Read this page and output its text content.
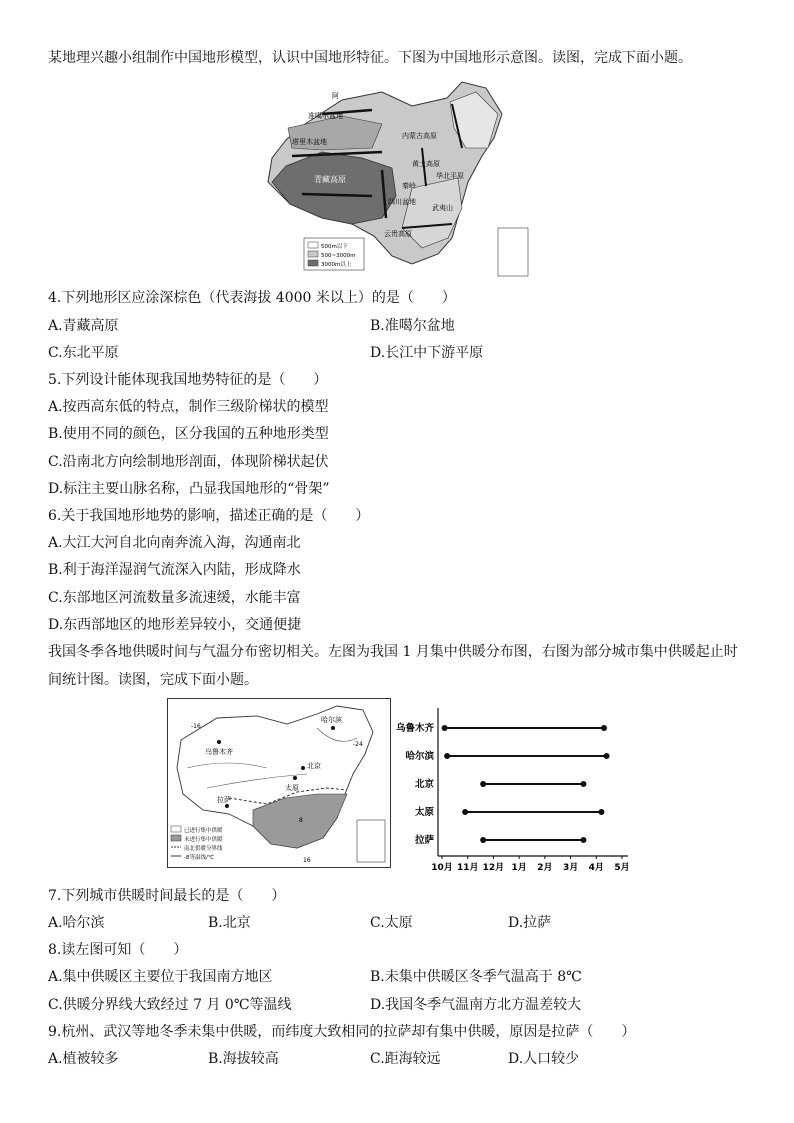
某地理兴趣小组制作中国地形模型，认识中国地形特征。下图为中国地形示意图。读图，完成下面小题。
阿
准噶尔盆地
塔里木盆地
内蒙古高原
青藏高原
黄土高原
四川盆地
秦岭
云贵高原
华北平原
武夷山
500m以下
500~3000m
3000m以上
4.下列地形区应涂深棕色（代表海拔 4000 米以上）的是（　　）
A.青藏高原	B.准噶尔盆地
C.东北平原	D.长江中下游平原
5.下列设计能体现我国地势特征的是（　　）
A.按西高东低的特点，制作三级阶梯状的模型
B.使用不同的颜色，区分我国的五种地形类型
C.沿南北方向绘制地形剖面，体现阶梯状起伏
D.标注主要山脉名称，凸显我国地形的“骨架”
6.关于我国地形地势的影响，描述正确的是（　　）
A.大江大河自北向南奔流入海，沟通南北
B.利于海洋湿润气流深入内陆，形成降水
C.东部地区河流数量多流速缓，水能丰富
D.东西部地区的地形差异较小，交通便捷
我国冬季各地供暖时间与气温分布密切相关。左图为我国 1 月集中供暖分布图，右图为部分城市集中供暖起止时
间统计图。读图，完成下面小题。
乌鲁木齐
哈尔滨
北京
太原
拉萨
-16
-24
8
16
已进行集中供暖
未进行集中供暖
南北供暖分界线
-8等温线/℃
10月 11月 12月 1月 2月 3月 4月 5月
乌鲁木齐
哈尔滨
北京
太原
拉萨
7.下列城市供暖时间最长的是（　　）
A.哈尔滨	B.北京	C.太原	D.拉萨
8.读左图可知（　　）
A.集中供暖区主要位于我国南方地区	B.未集中供暖区冬季气温高于 8℃
C.供暖分界线大致经过 7 月 0℃等温线	D.我国冬季气温南方北方温差较大
9.杭州、武汉等地冬季未集中供暖，而纬度大致相同的拉萨却有集中供暖，原因是拉萨（　　）
A.植被较多	B.海拔较高	C.距海较远	D.人口较少
